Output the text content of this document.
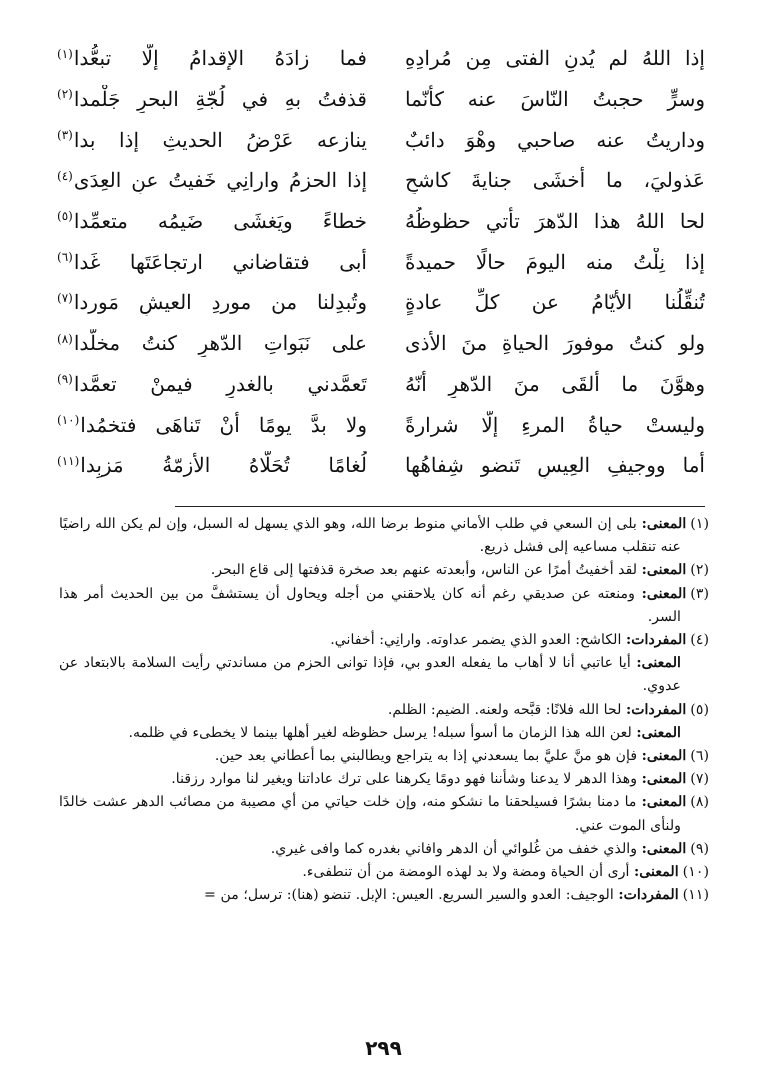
إذا اللهُ لم يُدنِ الفتى مِن مُرادِهِ
فما زادَهُ الإقدامُ إلّا تبعُّدا$^{(١)}$
وسرٍّ حجبتُ النّاسَ عنه كأنّما
قذفتُ بهِ في لُجّةِ البحرِ جَلْمدا$^{(٢)}$
وداريتُ عنه صاحبي وهْوَ دائبٌ
ينازعه عَرْضُ الحديثِ إذا بدا$^{(٣)}$
عَذوليَ، ما أخشَى جنايةَ كاشحٍ
إذا الحزمُ وارانِي خَفيتُ عنِ العِدَى$^{(٤)}$
لحا اللهُ هذا الدّهرَ تأتي حظوظُهُ
خطاءً ويَغشَى ضَيمُه متعمِّدا$^{(٥)}$
إذا نِلْتُ منه اليومَ حالًا حميدةً
أبى فتقاضاني ارتجاعَتَها غَدا$^{(٦)}$
تُنقِّلُنا الأيّامُ عن كلِّ عادةٍ
وتُبدِلنا من موردِ العيشِ مَوردا$^{(٧)}$
ولو كنتُ موفورَ الحياةِ منَ الأذى
على نَبَواتِ الدّهرِ كنتُ مخلَّدا$^{(٨)}$
وهوَّنَ ما ألقَى منَ الدّهرِ أنّهُ
تَعمَّدني بالغدرِ فيمنْ تعمَّدا$^{(٩)}$
وليستْ حياةُ المرءِ إلّا شرارةً
ولا بدَّ يومًا أنْ تَناهَى فتخمُدا$^{(١٠)}$
أما ووجيفِ العِيسِ تَنضو شِفاهُها
لُغامًا تُحَلّاهُ الأزمّةُ مَزبِدا$^{(١١)}$
(١)المعنى: بلى إن السعي في طلب الأماني منوط برضا الله، وهو الذي يسهل له السبل، وإن لم يكن الله راضيًا عنه تنقلب مساعيه إلى فشل ذريع.
(٢)المعنى: لقد أخفيتُ أمرًا عن الناس، وأبعدته عنهم بعد صخرة قذفتها إلى قاع البحر.
(٣)المعنى: ومنعته عن صديقي رغم أنه كان يلاحقني من أجله ويحاول أن يستشفَّ من بين الحديث أمر هذا السر.
(٤)المفردات: الكاشح: العدو الذي يضمر عداوته. وارانِي: أخفاني.
المعنى: أيا عاتبي أنا لا أهاب ما يفعله العدو بي، فإذا توانى الحزم من مساندتي رأيت السلامة بالابتعاد عن عدوي.
(٥)المفردات: لحا الله فلانًا: قبَّحه ولعنه. الضيم: الظلم.
المعنى: لعن الله هذا الزمان ما أسوأ سبله! يرسل حظوظه لغير أهلها بينما لا يخطىء في ظلمه.
(٦)المعنى: فإن هو منَّ عليَّ بما يسعدني إذا به يتراجع ويطالبني بما أعطاني بعد حين.
(٧)المعنى: وهذا الدهر لا يدعنا وشأننا فهو دومًا يكرهنا على ترك عاداتنا ويغير لنا موارد رزقنا.
(٨)المعنى: ما دمنا بشرًا فسيلحقنا ما نشكو منه، وإن خلت حياتي من أي مصيبة من مصائب الدهر عشت خالدًا ولنأى الموت عني.
(٩)المعنى: والذي خفف من غُلوائي أن الدهر وافاني بغدره كما وافى غيري.
(١٠)المعنى: أرى أن الحياة ومضة ولا بد لهذه الومضة من أن تنطفىء.
(١١)المفردات: الوجيف: العدو والسير السريع. العيس: الإبل. تنضو (هنا): ترسل؛ من =
٢٩٩
